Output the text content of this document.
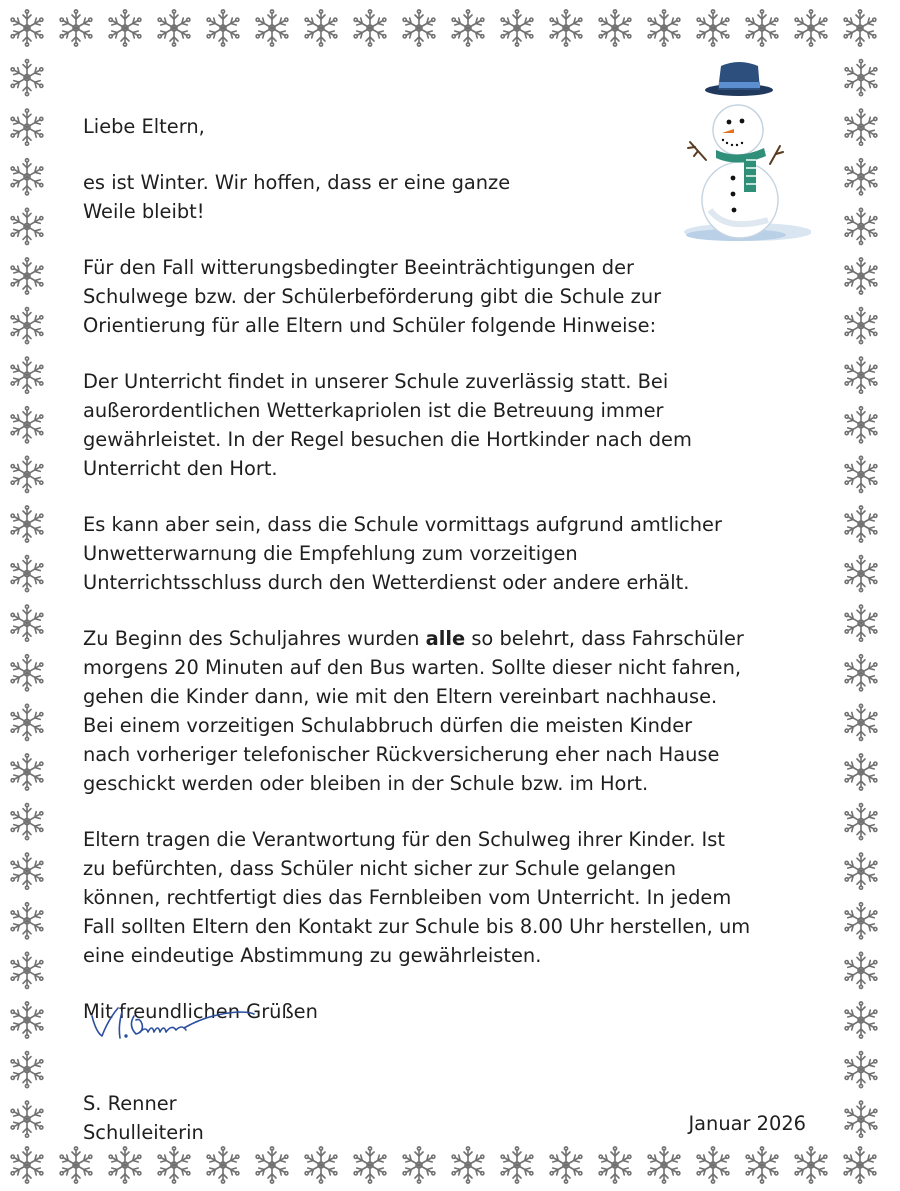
Liebe Eltern,

es ist Winter. Wir hoffen, dass er eine ganze

Weile bleibt!

Für den Fall witterungsbedingter Beeinträchtigungen der

Schulwege bzw. der Schülerbeförderung gibt die Schule zur

Orientierung für alle Eltern und Schüler folgende Hinweise:

Der Unterricht findet in unserer Schule zuverlässig statt. Bei

außerordentlichen Wetterkapriolen ist die Betreuung immer

gewährleistet. In der Regel besuchen die Hortkinder nach dem

Unterricht den Hort.

Es kann aber sein, dass die Schule vormittags aufgrund amtlicher

Unwetterwarnung die Empfehlung zum vorzeitigen

Unterrichtsschluss durch den Wetterdienst oder andere erhält.

Zu Beginn des Schuljahres wurden alle so belehrt, dass Fahrschüler

morgens 20 Minuten auf den Bus warten. Sollte dieser nicht fahren,

gehen die Kinder dann, wie mit den Eltern vereinbart nachhause.

Bei einem vorzeitigen Schulabbruch dürfen die meisten Kinder

nach vorheriger telefonischer Rückversicherung eher nach Hause

geschickt werden oder bleiben in der Schule bzw. im Hort.

Eltern tragen die Verantwortung für den Schulweg ihrer Kinder. Ist

zu befürchten, dass Schüler nicht sicher zur Schule gelangen

können, rechtfertigt dies das Fernbleiben vom Unterricht. In jedem

Fall sollten Eltern den Kontakt zur Schule bis 8.00 Uhr herstellen, um

eine eindeutige Abstimmung zu gewährleisten.

Mit freundlichen Grüßen

S. Renner

Schulleiterin	Januar 2026
